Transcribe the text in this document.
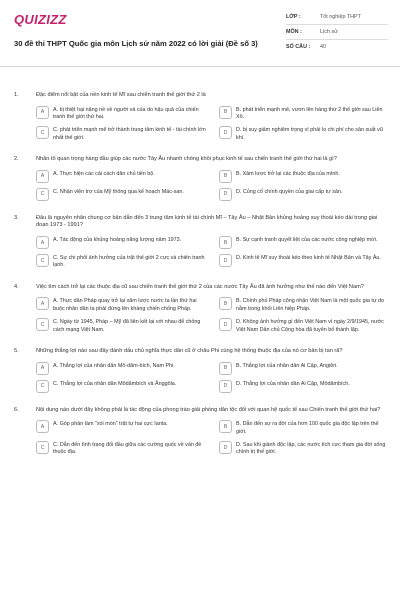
QUIZIZZ
30 đề thi THPT Quốc gia môn Lịch sử năm 2022 có lời giải (Đề số 3)
LỚP :	Tốt nghiệp THPT
MÔN :	Lịch sử
SỐ CÂU :	40
1.	Đặc điểm nổi bật của nền kinh tế Mĩ sau chiến tranh thế giới thứ 2 là
A	A. bị thiệt hại nặng nề về người và của do hậu quả của chiến tranh thế giới thứ hai.
B	B. phát triển mạnh mẽ, vươn lên hàng thứ 2 thế giới sau Liên Xô.
C	C. phát triển mạnh mẽ trở thành trung tâm kinh tế - tài chính lớn nhất thế giới.
D	D. bị suy giảm nghiêm trọng vì phải lo chi phí cho sản xuất vũ khí.
2.	Nhân tố quan trọng hàng đầu giúp các nước Tây Âu nhanh chóng khôi phục kinh tế sau chiến tranh thế giới thứ hai là gì?
A	A. Thực hiện các cải cách dân chủ tiến bộ.	B	B. Xâm lược trở lại các thuộc địa của mình.
C	C. Nhận viện trợ của Mỹ thông qua kế hoạch Mác-san.	D	D. Củng cố chính quyền của giai cấp tư sản.
3.	Đâu là nguyên nhân chung cơ bản dẫn đến 3 trung tâm kinh tế tài chính Mĩ – Tây Âu – Nhật Bản khủng hoảng suy thoái kéo dài trong giai đoạn 1973 - 1991?
A	A. Tác động của khủng hoảng năng lượng năm 1973.	B	B. Sự cạnh tranh quyết liệt của các nước công nghiệp mới.
C	C. Sự chi phối ảnh hưởng của trật thế giới 2 cực và chiến tranh lạnh.
D	D. Kinh tế Mĩ suy thoái kéo theo kinh tế Nhật Bản và Tây Âu.
4.	Việc tìm cách trở lại các thuộc địa cũ sau chiến tranh thế giới thứ 2 của các nước Tây Âu đã ảnh hưởng như thế nào đến Việt Nam?
A	A. Thực dân Pháp quay trở lại xâm lược nước ta lần thứ hai buộc nhân dân ta phải đứng lên kháng chiến chống Pháp.
B	B. Chính phủ Pháp công nhận Việt Nam là một quốc gia tự do nằm trong khối Liên hiệp Pháp.
C	C. Ngày từ 1945, Pháp – Mỹ đã liên kết lại với nhau để chống cách mạng Việt Nam.
D	D. Không ảnh hưởng gì đến Việt Nam vì ngày 2/9/1945, nước Việt Nam Dân chủ Cộng hòa đã tuyên bố thành lập.
5.	Những thắng lợi nào sau đây đánh dấu chủ nghĩa thực dân cũ ở châu Phi cùng hệ thống thuộc địa của nó cơ bản bị tan rã?
A	A. Thắng lợi của nhân dân Mô-dăm-bích, Nam Phi.	B	B. Thắng lợi của nhân dân Ai Cập, Angiêri.
C	C. Thắng lợi của nhân dân Môdămbích và Ănggôla.	D	D. Thắng lợi của nhân dân Ai Cập, Môdămbích.
6.	Nội dung nào dưới đây không phải là tác động của phong trào giải phóng dân tộc đối với quan hệ quốc tế sau Chiến tranh thế giới thứ hai?
A	A. Góp phần làm "xói mòn" trật tự hai cực Ianta.	B	B. Dẫn đến sự ra đời của hơn 100 quốc gia độc lập trên thế giới.
C	C. Dẫn đến tình trạng đối đầu giữa các cường quốc về vấn đề thuộc địa.
D	D. Sau khi giành độc lập, các nước tích cực tham gia đời sống chính trị thế giới.
